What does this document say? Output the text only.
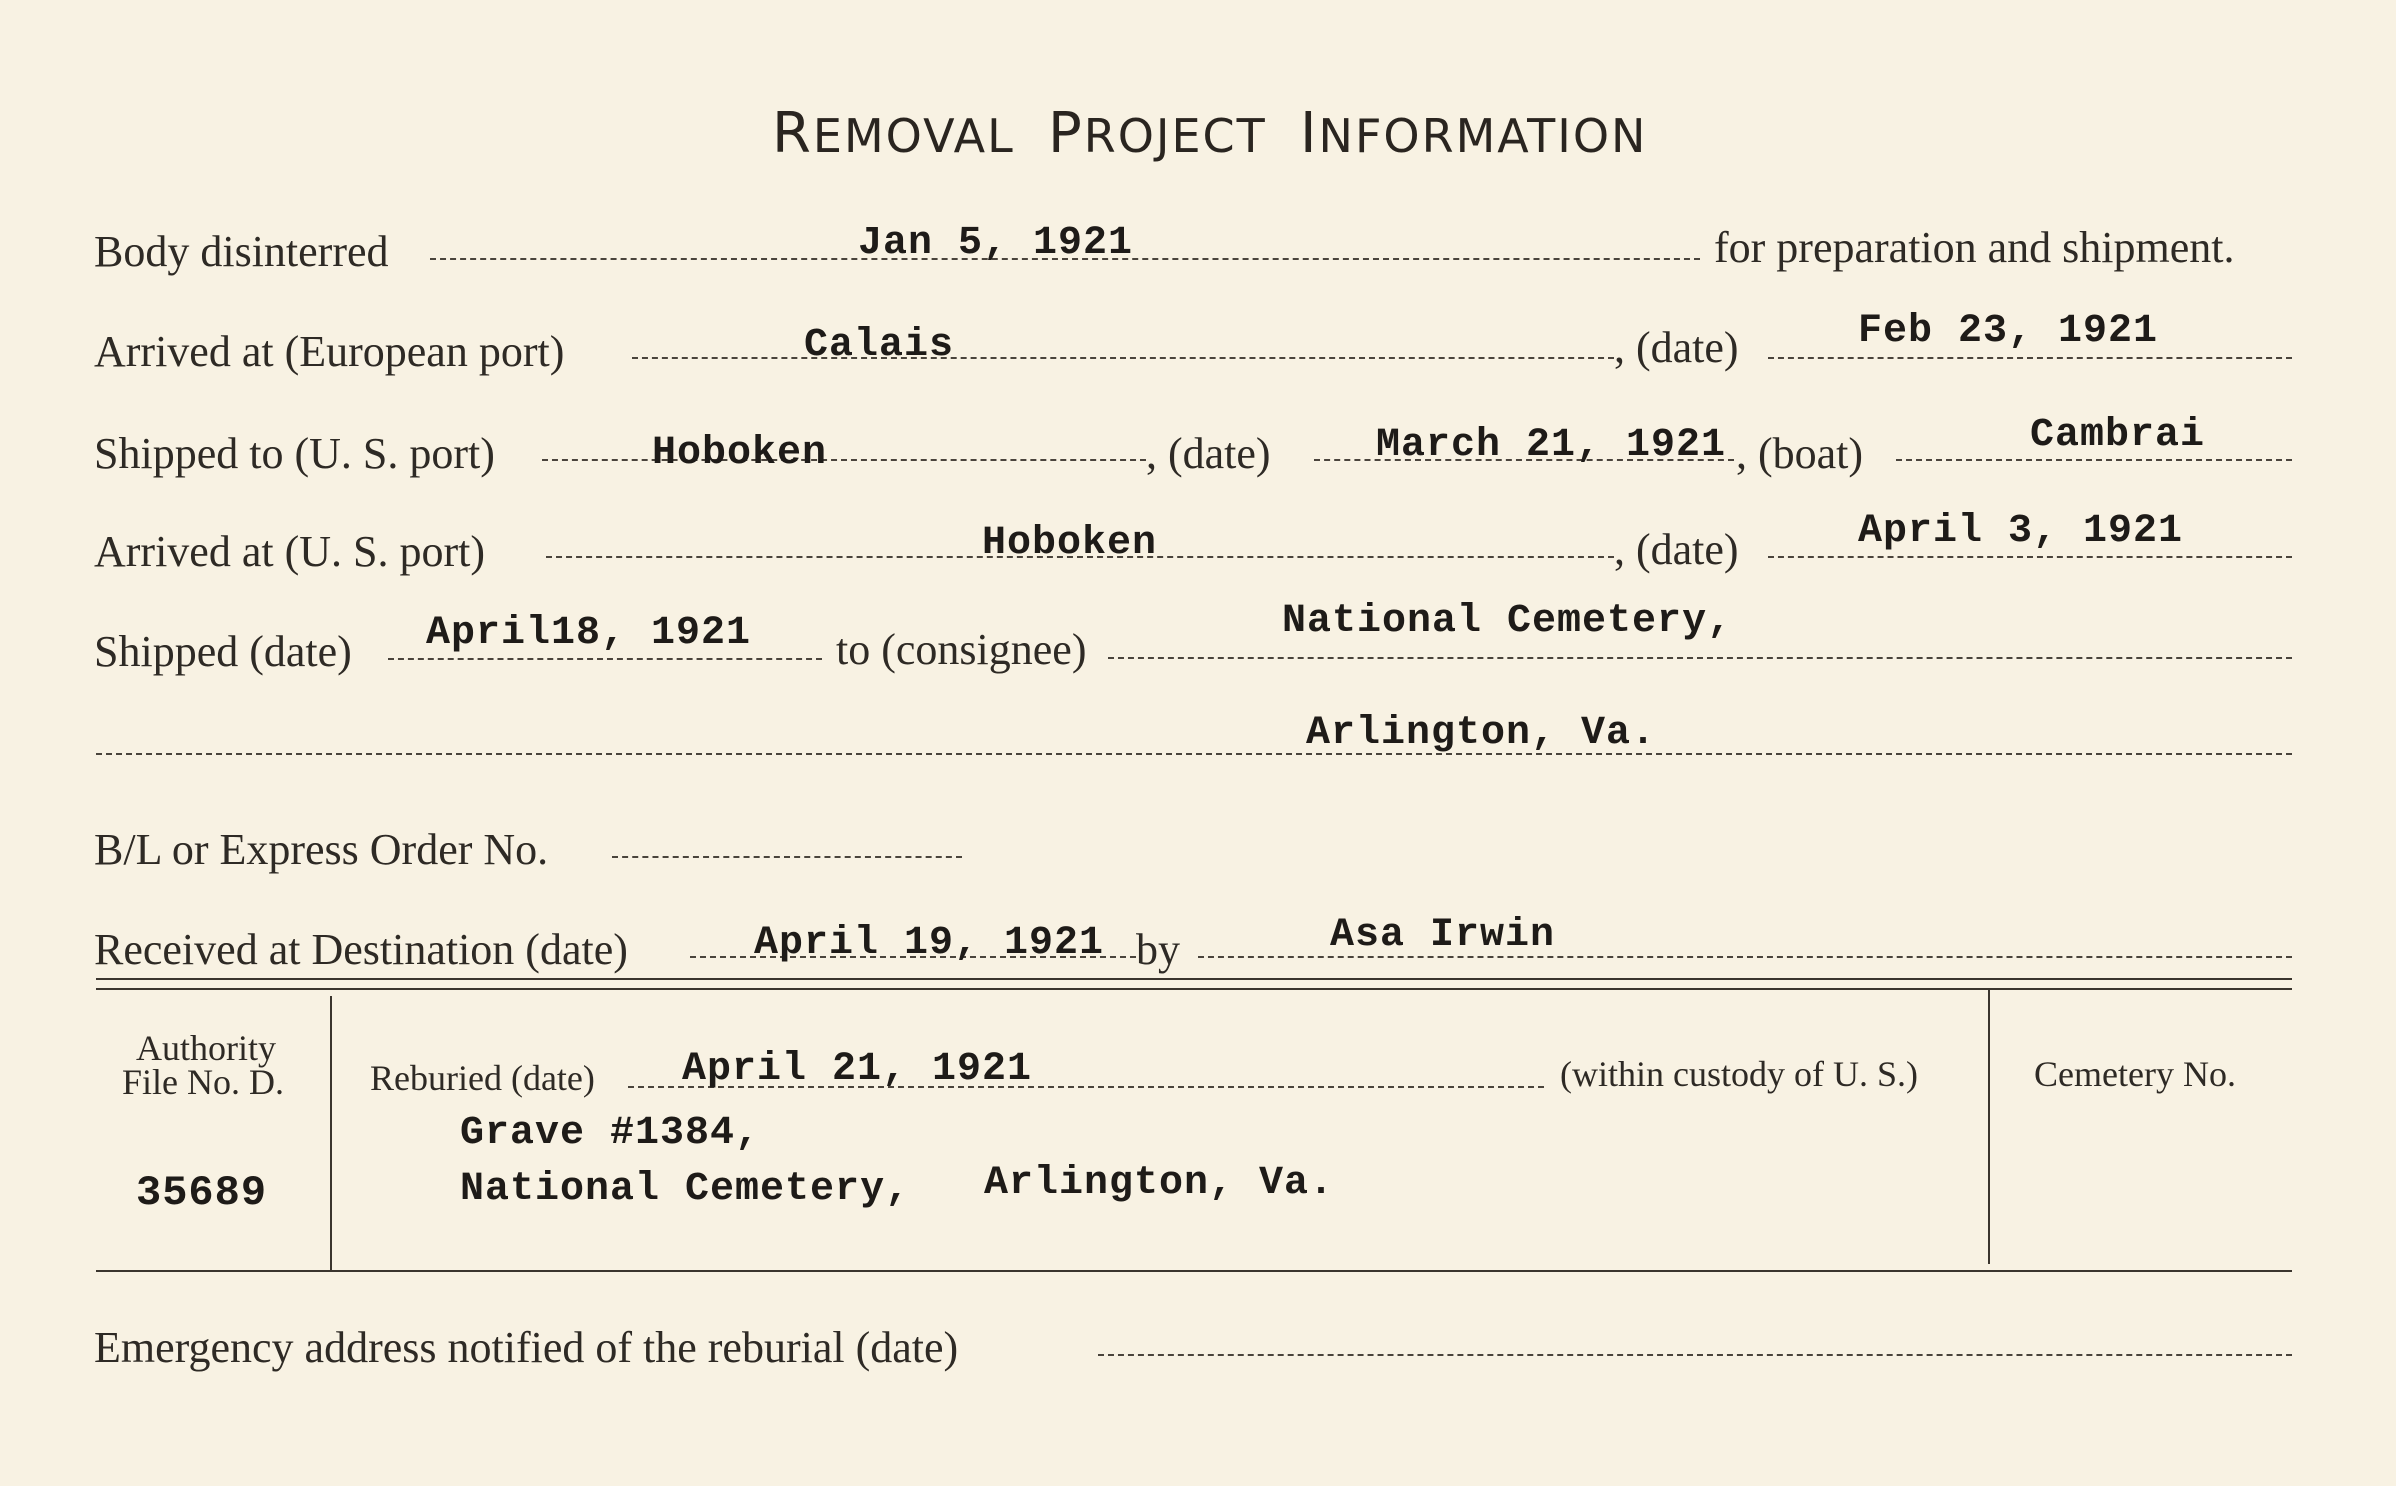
REMOVAL PROJECT INFORMATION
Body disinterred	Jan 5, 1921	for preparation and shipment.
Arrived at (European port)	Calais	, (date)	Feb 23, 1921
Shipped to (U. S. port)	Hoboken	, (date)	March 21, 1921 , (boat)	Cambrai
Arrived at (U. S. port)	Hoboken	, (date)	April 3, 1921
Shipped (date) April18, 1921 to (consignee)
National Cemetery,
Arlington, Va.
B/L or Express Order No.
Received at Destination (date)	April 19, 1921 by	Asa Irwin
Authority
File No. D.
35689
Reburied (date) April 21, 1921	(within custody of U. S.)
Grave #1384,
National Cemetery, Arlington, Va.
Cemetery No.
Emergency address notified of the reburial (date)
